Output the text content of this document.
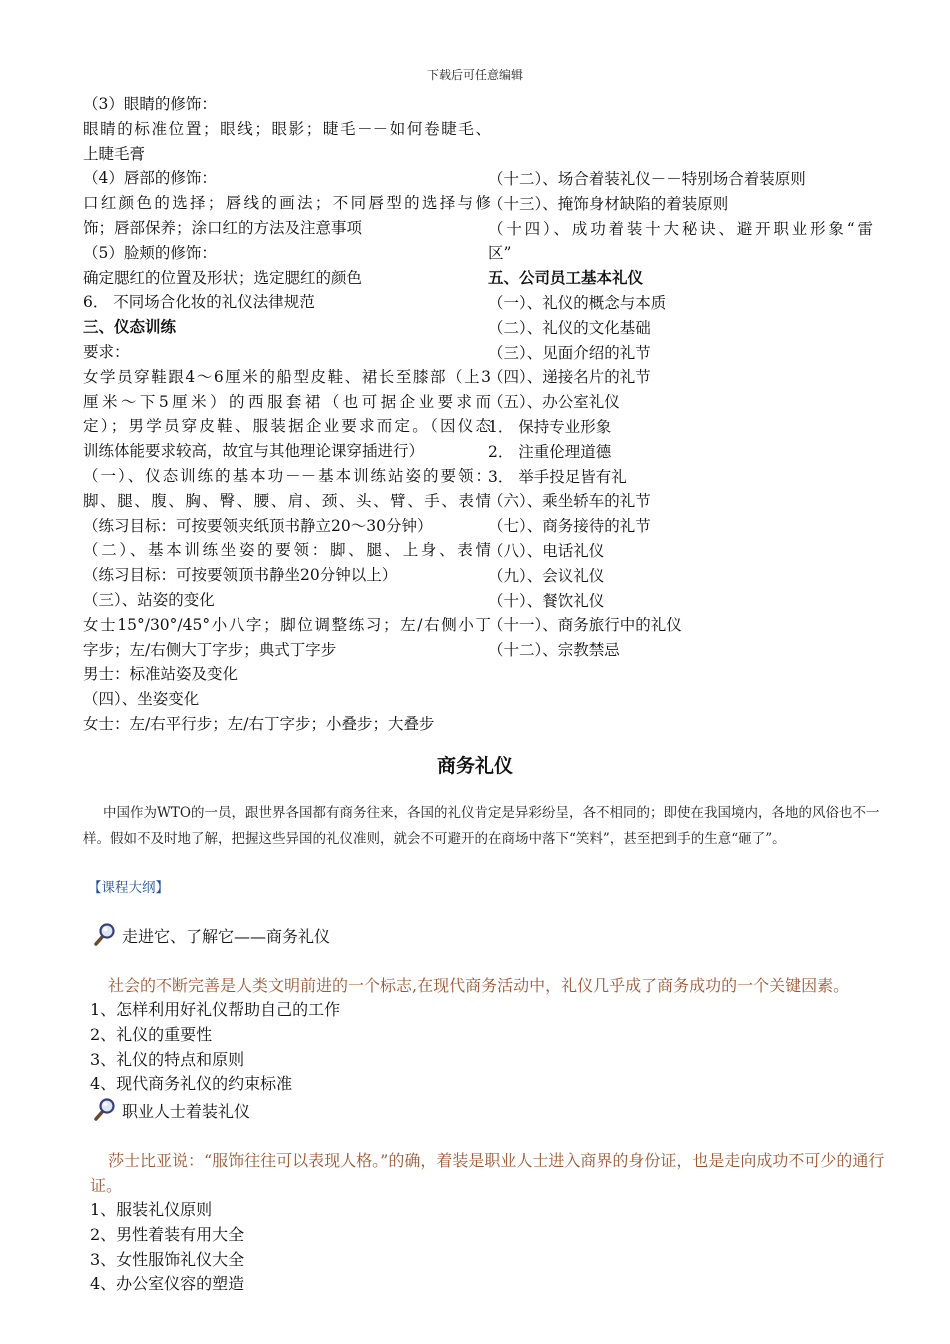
下载后可任意编辑
（3）眼睛的修饰：
眼睛的标准位置；眼线；眼影；睫毛－－如何卷睫毛、
上睫毛膏
（4）唇部的修饰：
口红颜色的选择；唇线的画法；不同唇型的选择与修
饰；唇部保养；涂口红的方法及注意事项
（5）脸颊的修饰：
确定腮红的位置及形状；选定腮红的颜色
6． 不同场合化妆的礼仪法律规范
三、仪态训练
要求：
女学员穿鞋跟4～6厘米的船型皮鞋、裙长至膝部（上3
厘米～下5厘米）的西服套裙（也可据企业要求而
定）；男学员穿皮鞋、服装据企业要求而定。（因仪态
训练体能要求较高，故宜与其他理论课穿插进行）
（一）、仪态训练的基本功－－基本训练站姿的要领：
脚、腿、腹、胸、臀、腰、肩、颈、头、臂、手、表情
（练习目标：可按要领夹纸顶书静立20～30分钟）
（二）、基本训练坐姿的要领：脚、腿、上身、表情
（练习目标：可按要领顶书静坐20分钟以上）
（三）、站姿的变化
女士15°/30°/45°小八字；脚位调整练习；左/右侧小丁
字步；左/右侧大丁字步；典式丁字步
男士：标准站姿及变化
（四）、坐姿变化
女士：左/右平行步；左/右丁字步；小叠步；大叠步
（十二）、场合着装礼仪－－特别场合着装原则
（十三）、掩饰身材缺陷的着装原则
（十四）、成功着装十大秘诀、避开职业形象“雷
区”
五、公司员工基本礼仪
（一）、礼仪的概念与本质
（二）、礼仪的文化基础
（三）、见面介绍的礼节
（四）、递接名片的礼节
（五）、办公室礼仪
1． 保持专业形象
2． 注重伦理道德
3． 举手投足皆有礼
（六）、乘坐轿车的礼节
（七）、商务接待的礼节
（八）、电话礼仪
（九）、会议礼仪
（十）、餐饮礼仪
（十一）、商务旅行中的礼仪
（十二）、宗教禁忌
商务礼仪
中国作为WTO的一员，跟世界各国都有商务往来，各国的礼仪肯定是异彩纷呈，各不相同的；即使在我国境内，各地的风俗也不一样。假如不及时地了解，把握这些异国的礼仪准则，就会不可避开的在商场中落下“笑料”，甚至把到手的生意“砸了”。
【课程大纲】
走进它、了解它——商务礼仪
社会的不断完善是人类文明前进的一个标志,在现代商务活动中，礼仪几乎成了商务成功的一个关键因素。
1、怎样利用好礼仪帮助自己的工作
2、礼仪的重要性
3、礼仪的特点和原则
4、现代商务礼仪的约束标准
职业人士着装礼仪
莎士比亚说：“服饰往往可以表现人格。”的确，着装是职业人士进入商界的身份证，也是走向成功不可少的通行证。
1、服装礼仪原则
2、男性着装有用大全
3、女性服饰礼仪大全
4、办公室仪容的塑造
